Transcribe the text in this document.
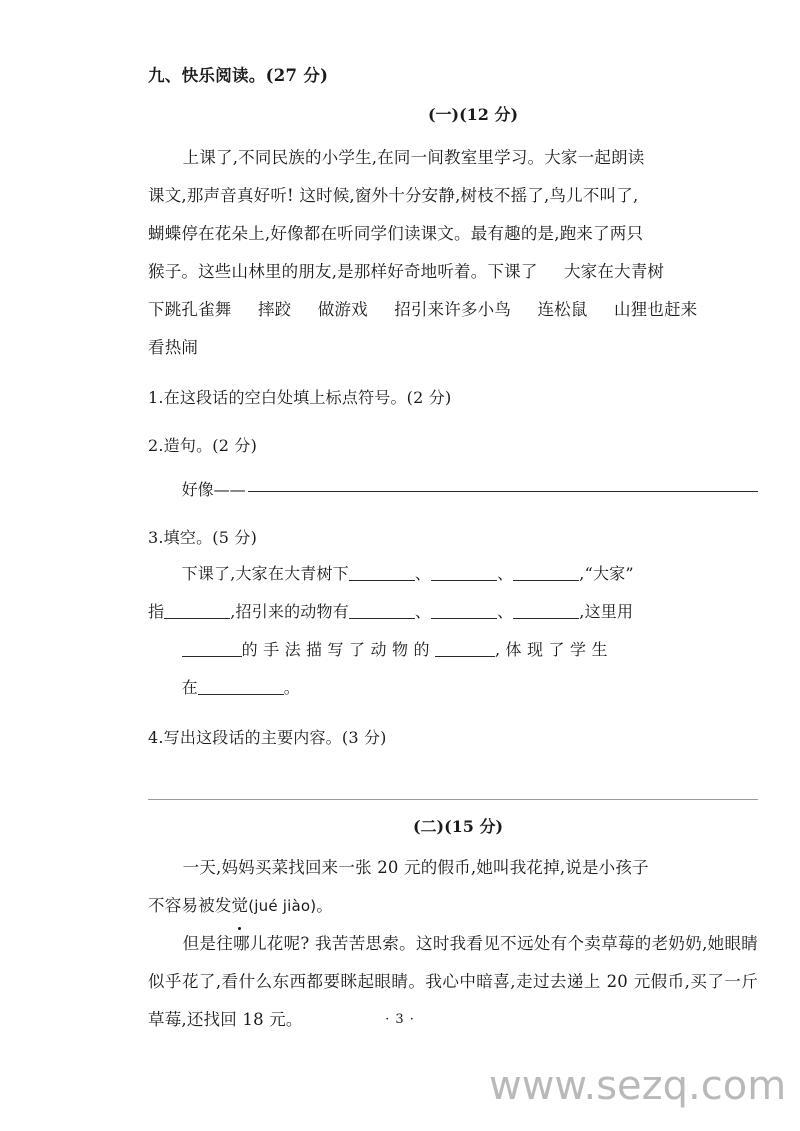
九、快乐阅读。(27 分)
(一)(12 分)
上课了,不同民族的小学生,在同一间教室里学习。大家一起朗读
课文,那声音真好听! 这时候,窗外十分安静,树枝不摇了,鸟儿不叫了,
蝴蝶停在花朵上,好像都在听同学们读课文。最有趣的是,跑来了两只
猴子。这些山林里的朋友,是那样好奇地听着。下课了 大家在大青树
下跳孔雀舞 摔跤 做游戏 招引来许多小鸟 连松鼠 山狸也赶来
看热闹
1.在这段话的空白处填上标点符号。(2 分)
2.造句。(2 分)
好像——
3.填空。(5 分)
下课了,大家在大青树下	、	、	,“大家”
指	,招引来的动物有	、	、	,这里用
的 手 法 描 写 了 动 物 的	, 体 现 了 学 生
在	。
4.写出这段话的主要内容。(3 分)
(二)(15 分)
一天,妈妈买菜找回来一张 20 元的假币,她叫我花掉,说是小孩子
不容易被发觉(jué jiào)。
但是往哪儿花呢? 我苦苦思索。这时我看见不远处有个卖草莓的老奶奶,她眼睛似乎花了,看什么东西都要眯起眼睛。我心中暗喜,走过去递上 20 元假币,买了一斤草莓,还找回 18 元。	· 3 ·
www.sezq.com
